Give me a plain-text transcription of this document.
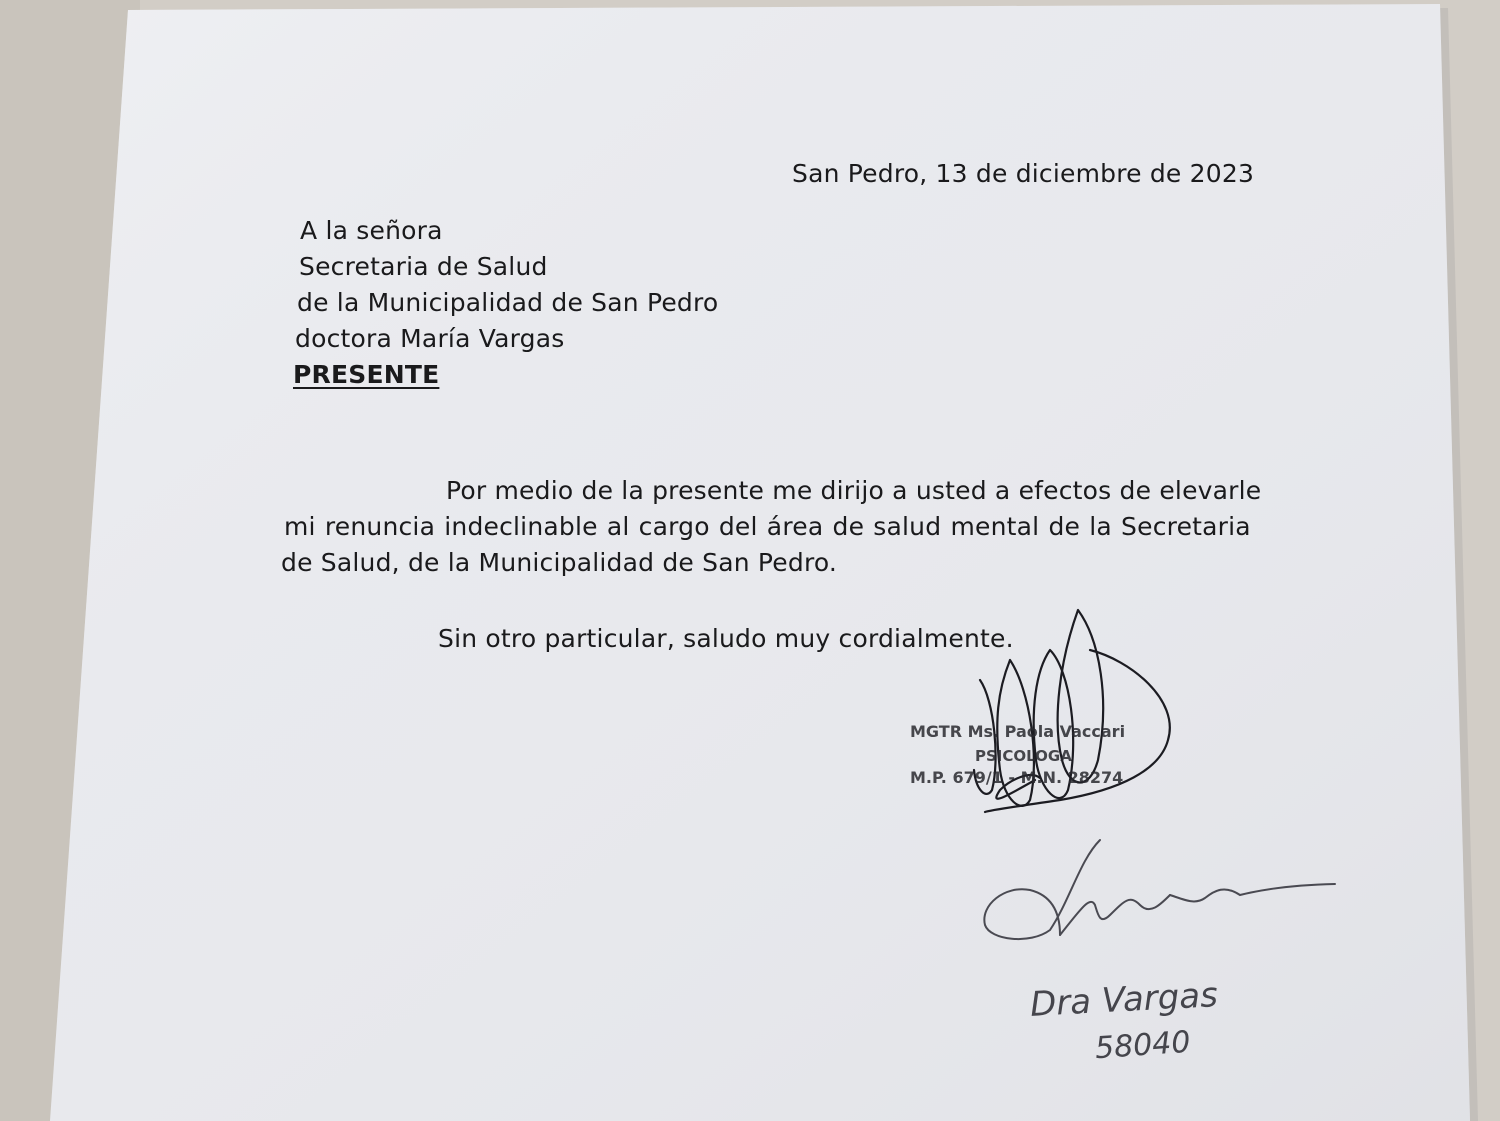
San Pedro, 13 de diciembre de 2023
A la señora
Secretaria de Salud
de la Municipalidad de San Pedro
doctora María Vargas
PRESENTE
Por medio de la presente me dirijo a usted a efectos de elevarle
mi renuncia indeclinable al cargo del área de salud mental de la Secretaria
de Salud, de la Municipalidad de San Pedro.
Sin otro particular, saludo muy cordialmente.
MGTR Ms. Paola Vaccari
PSICOLOGA
M.P. 679/1 - M.N. 28274
Dra Vargas
58040
